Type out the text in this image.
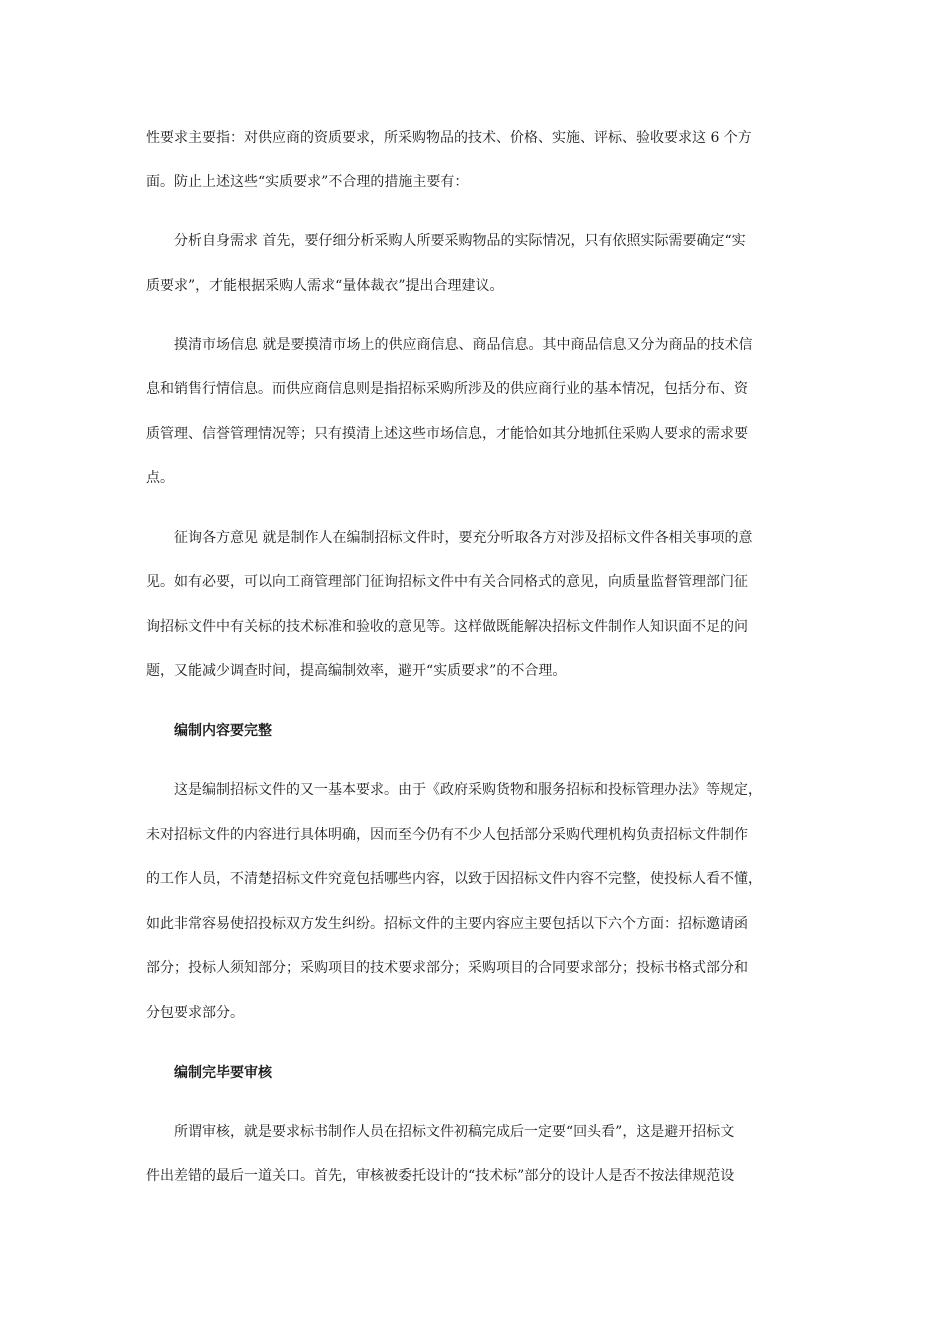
性要求主要指：对供应商的资质要求，所采购物品的技术、价格、实施、评标、验收要求这 6 个方
面。防止上述这些“实质要求”不合理的措施主要有：
分析自身需求 首先，要仔细分析采购人所要采购物品的实际情况，只有依照实际需要确定“实
质要求”，才能根据采购人需求“量体裁衣”提出合理建议。
摸清市场信息 就是要摸清市场上的供应商信息、商品信息。其中商品信息又分为商品的技术信
息和销售行情信息。而供应商信息则是指招标采购所涉及的供应商行业的基本情况，包括分布、资
质管理、信誉管理情况等；只有摸清上述这些市场信息，才能恰如其分地抓住采购人要求的需求要
点。
征询各方意见 就是制作人在编制招标文件时，要充分听取各方对涉及招标文件各相关事项的意
见。如有必要，可以向工商管理部门征询招标文件中有关合同格式的意见，向质量监督管理部门征
询招标文件中有关标的技术标准和验收的意见等。这样做既能解决招标文件制作人知识面不足的问
题，又能减少调查时间，提高编制效率，避开“实质要求”的不合理。
编制内容要完整
这是编制招标文件的又一基本要求。由于《政府采购货物和服务招标和投标管理办法》等规定，
未对招标文件的内容进行具体明确，因而至今仍有不少人包括部分采购代理机构负责招标文件制作
的工作人员，不清楚招标文件究竟包括哪些内容，以致于因招标文件内容不完整，使投标人看不懂，
如此非常容易使招投标双方发生纠纷。招标文件的主要内容应主要包括以下六个方面：招标邀请函
部分；投标人须知部分；采购项目的技术要求部分；采购项目的合同要求部分；投标书格式部分和
分包要求部分。
编制完毕要审核
所谓审核，就是要求标书制作人员在招标文件初稿完成后一定要“回头看”，这是避开招标文
件出差错的最后一道关口。首先，审核被委托设计的“技术标”部分的设计人是否不按法律规范设
